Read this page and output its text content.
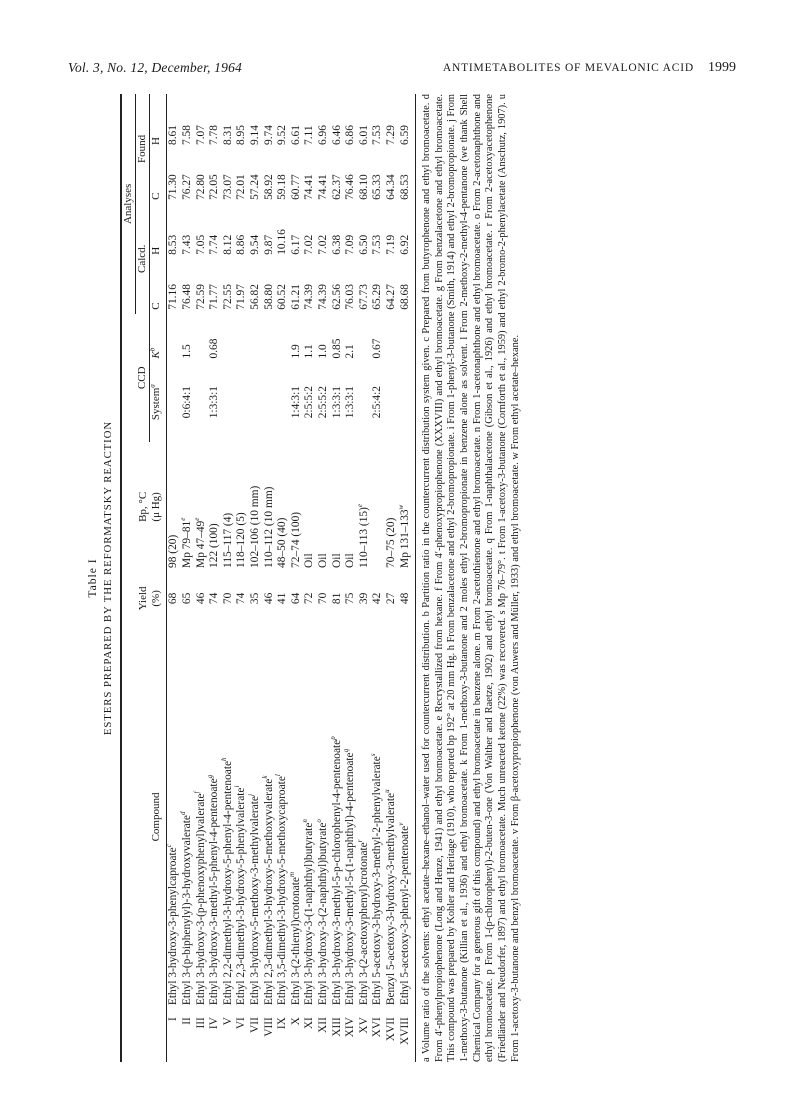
Vol. 3, No. 12, December, 1964	ANTIMETABOLITES OF MEVALONIC ACID 1999
Table I ESTERS PREPARED BY THE REFORMATSKY REACTION
						Analyses			
		Yield	Bp, °C	CCD		Calcd.		Found	
	Compound	(%)	(μ Hg)	System$^a$	$K^b$	C	H	C	H

I	Ethyl 3-hydroxy-3-phenylcaproate$^c$	68	98 (20)			71.16	8.53	71.30	8.61
II	Ethyl 3-(p-biphenylyl)-3-hydroxyvalerate$^d$	65	Mp 79–81e	0:6:4:1	1.5	76.48	7.43	76.27	7.58
III	Ethyl 3-hydroxy-3-(p-phenoxyphenyl)valerate$^f$	46	Mp 47–49e			72.59	7.05	72.80	7.07
IV	Ethyl 3-hydroxy-3-methyl-5-phenyl-4-pentenoate$^g$	74	122 (100)	1:3:3:1	0.68	71.77	7.74	72.05	7.78
V	Ethyl 2,2-dimethyl-3-hydroxy-5-phenyl-4-pentenoate$^h$	70	115–117 (4)			72.55	8.12	73.07	8.31
VI	Ethyl 2,3-dimethyl-3-hydroxy-5-phenylvalerate$^i$	74	118–120 (5)			71.97	8.86	72.01	8.95
VII	Ethyl 3-hydroxy-5-methoxy-3-methylvalerate$^j$	35	102–106 (10 mm)			56.82	9.54	57.24	9.14
VIII	Ethyl 2,3-dimethyl-3-hydroxy-5-methoxyvalerate$^k$	46	110–112 (10 mm)			58.80	9.87	58.92	9.74
IX	Ethyl 3,5-dimethyl-3-hydroxy-5-methoxycaproate$^l$	41	48–50 (40)			60.52	10.16	59.18	9.52
X	Ethyl 3-(2-thienyl)crotonate$^m$	64	72–74 (100)	1:4:3:1	1.9	61.21	6.17	60.77	6.61
XI	Ethyl 3-hydroxy-3-(1-naphthyl)butyrate$^n$	72	Oil	2:5:5:2	1.1	74.39	7.02	74.41	7.11
XII	Ethyl 3-hydroxy-3-(2-naphthyl)butyrate$^o$	70	Oil	2:5:5:2	1.0	74.39	7.02	74.41	6.96
XIII	Ethyl 3-hydroxy-3-methyl-5-p-chlorophenyl-4-pentenoate$^p$	81	Oil	1:3:3:1	0.85	62.56	6.38	62.37	6.46
XIV	Ethyl 3-hydroxy-3-methyl-5-(1-naphthyl)-4-pentenoate$^q$	75	Oil	1:3:3:1	2.1	76.03	7.09	76.46	6.86
XV	Ethyl 3-(2-acetoxyphenyl)crotonate$^r$	39	110–113 $(15)^e$			67.73	6.50	68.10	6.01
XVI	Ethyl 5-acetoxy-3-hydroxy-3-methyl-2-phenylvalerate$^s$	42		2:5:4:2	0.67	65.29	7.53	65.33	7.53
XVII	Benzyl 5-acetoxy-3-hydroxy-3-methylvalerate$^u$	27	70–75 (20)			64.27	7.19	64.34	7.29
XVIII	Ethyl 5-acetoxy-3-phenyl-2-pentenoate$^v$	48	Mp 131–133$^w$			68.68	6.92	68.53	6.59 a Volume ratio of the solvents: ethyl acetate–hexane–ethanol–water used for countercurrent distribution. b Partition ratio in the countercurrent distribution system given. c Prepared from butyrophenone and ethyl bromoacetate. d From 4′-phenylpropiophenone (Long and Henze, 1941) and ethyl bromoacetate. e Recrystallized from hexane. f From 4′-phenoxypropiophenone (XXXVIII) and ethyl bromoacetate. g From benzalacetone and ethyl bromoacetate. This compound was prepared by Kohler and Heritage (1910), who reported bp 192° at 20 mm Hg. h From benzalacetone and ethyl 2-bromopropionate. i From 1-phenyl-3-butanone (Smith, 1914) and ethyl 2-bromopropionate. j From 1-methoxy-3-butanone (Killian et al., 1936) and ethyl bromoacetate. k From 1-methoxy-3-butanone and 2 moles ethyl 2-bromopropionate in benzene alone as solvent. l From 2-methoxy-2-methyl-4-pentanone (we thank Shell Chemical Company for a generous gift of this compound) and ethyl bromoacetate in benzene alone. m From 2-acetothienone and ethyl bromoacetate. n From 1-acetonaphthone and ethyl bromoacetate. o From 2-acetonaphthone and ethyl bromoacetate. p From 1-(p-chlorophenyl)-2-buten-3-one (Von Walther and Raetze, 1902) and ethyl bromoacetate. q From 1-naphthalacetone (Gibson et al., 1926) and ethyl bromoacetate. r From 2-acetoxyacetophenone (Friedländer and Neudorfer, 1897) and ethyl bromoacetate. Much unreacted ketone (22%) was recovered. s Mp 76–79°. t From 1-acetoxy-3-butanone (Cornforth et al., 1959) and ethyl 2-bromo-2-phenylacetate (Anschutz, 1907). u From 1-acetoxy-3-butanone and benzyl bromoacetate. v From β-acetoxypropiophenone (von Auwers and Müller, 1933) and ethyl bromoacetate. w From ethyl acetate–hexane.
